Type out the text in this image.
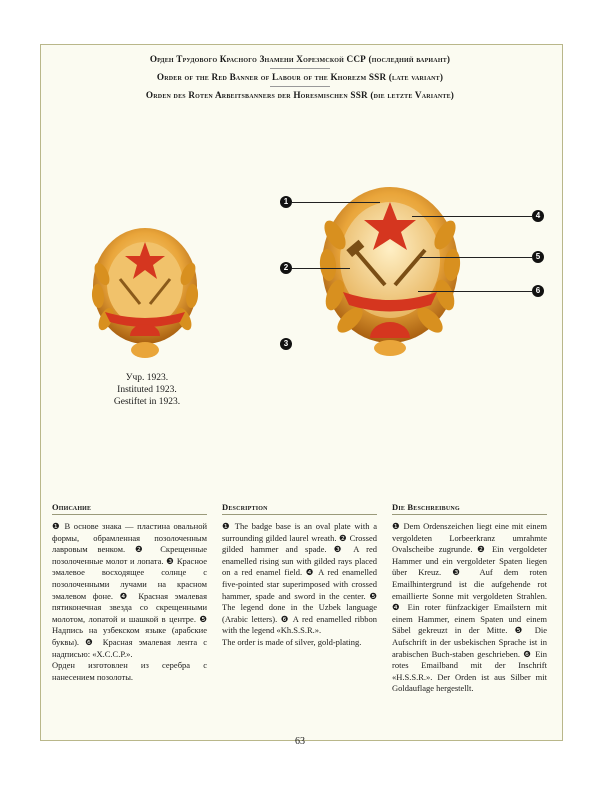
Орден Трудового Красного Знамени Хорезмской ССР (последний вариант)
Order of the Red Banner of Labour of the Khorezm SSR (late variant)
Orden des Roten Arbeitsbanners der Horesmischen SSR (die letzte Variante)
Учр. 1923.
Instituted 1923.
Gestiftet in 1923.
1
2
3
4
5
6
Описание

❶ В основе знака — пластина овальной формы, обрамленная позолоченным лавровым венком. ❷ Скрещенные позолоченные молот и лопата. ❸ Красное эмалевое восходящее солнце с позолоченными лучами на красном эмалевом фоне. ❹ Красная эмалевая пятиконечная звезда со скрещенными молотом, лопатой и шашкой в центре. ❺ Надпись на узбекском языке (арабские буквы). ❻ Красная эмалевая лента с надписью: «Х.С.С.Р.».

Орден изготовлен из серебра с нанесением позолоты.

Description

❶ The badge base is an oval plate with a surrounding gilded laurel wreath. ❷ Crossed gilded hammer and spade. ❸ A red enamelled rising sun with gilded rays placed on a red enamel field. ❹ A red enamelled five-pointed star superimposed with crossed hammer, spade and sword in the center. ❺ The legend done in the Uzbek language (Arabic letters). ❻ A red enamelled ribbon with the legend «Kh.S.S.R.».

The order is made of silver, gold-plating.

Die Beschreibung

❶ Dem Ordenszeichen liegt eine mit einem vergoldeten Lorbeerkranz umrahmte Ovalscheibe zugrunde. ❷ Ein vergoldeter Hammer und ein vergoldeter Spaten liegen über Kreuz. ❸ Auf dem roten Emailhintergrund ist die aufgehende rot emaillierte Sonne mit vergoldeten Strahlen. ❹ Ein roter fünfzackiger Emailstern mit einem Hammer, einem Spaten und einem Säbel gekreuzt in der Mitte. ❺ Die Aufschrift in der usbekischen Sprache ist in arabischen Buch-staben geschrieben. ❻ Ein rotes Emailband mit der Inschrift «H.S.S.R.». Der Orden ist aus Silber mit Goldauflage hergestellt.

63
